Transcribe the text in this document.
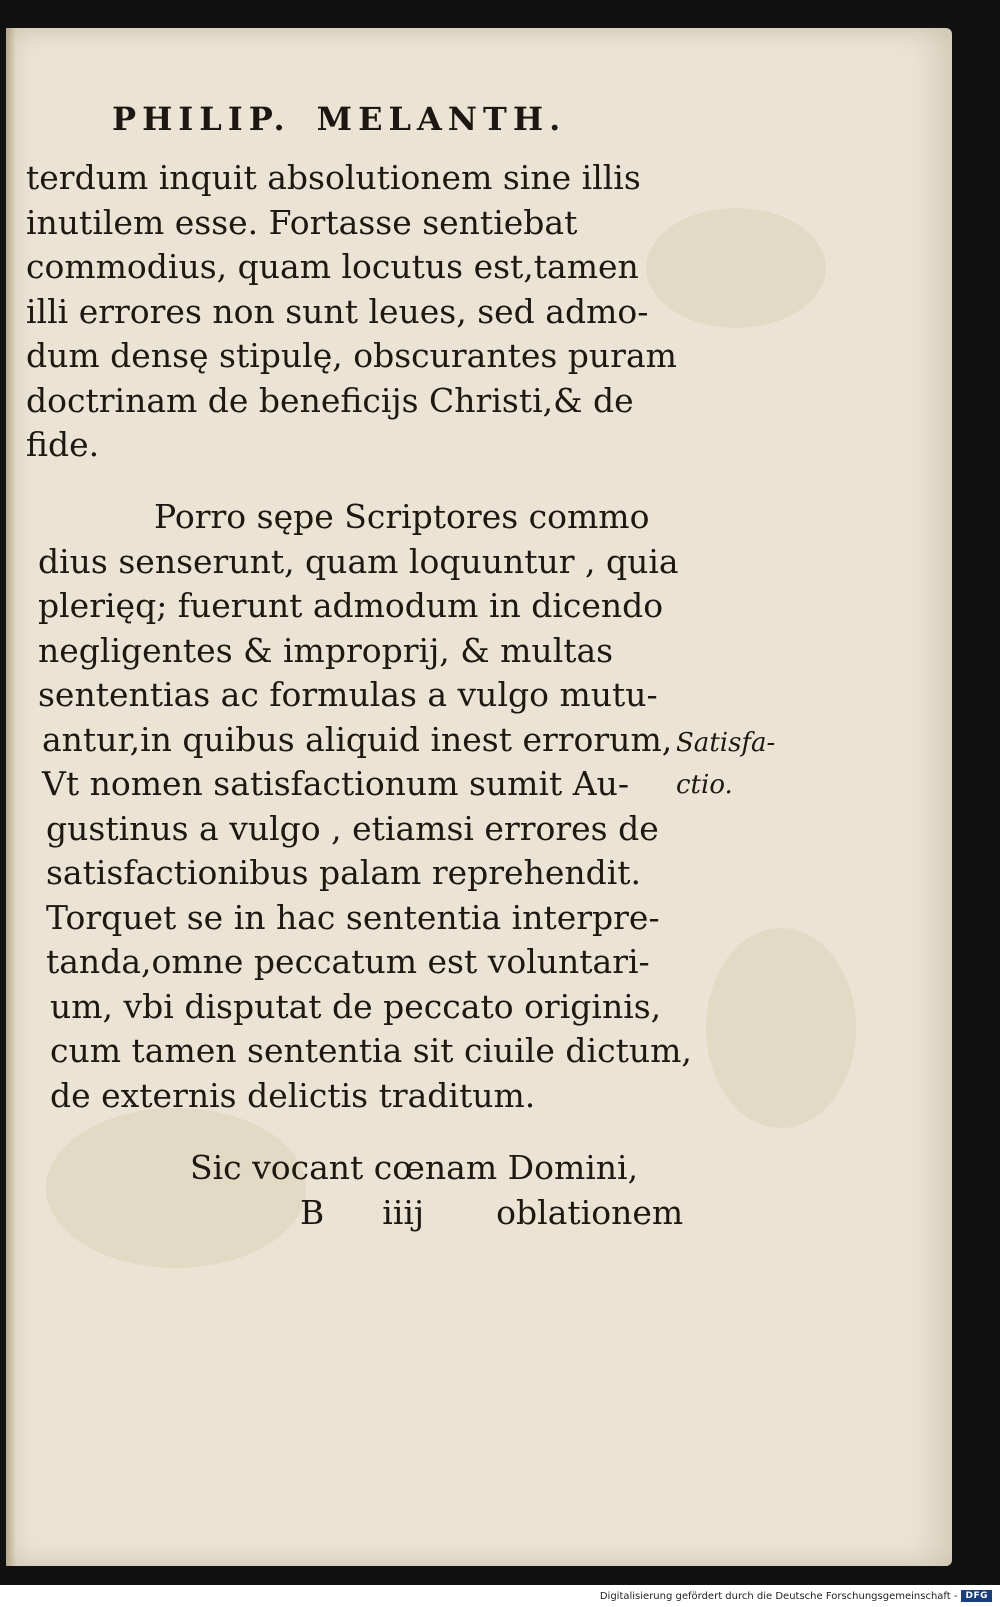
PHILIP. MELANTH.
terdum inquit absolutionem sine illis
inutilem esse. Fortasse sentiebat
commodius, quam locutus est,tamen
illi errores non sunt leues, sed admo-
dum densę stipulę, obscurantes puram
doctrinam de beneficijs Christi,& de
fide.
Porro sępe Scriptores commo
dius senserunt, quam loquuntur , quia
plerięq; fuerunt admodum in dicendo
negligentes & improprij, & multas
sententias ac formulas a vulgo mutu-
antur,in quibus aliquid inest errorum,
Vt nomen satisfactionum sumit Au-
gustinus a vulgo , etiamsi errores de
satisfactionibus palam reprehendit.
Torquet se in hac sententia interpre-
tanda,omne peccatum est voluntari-
um, vbi disputat de peccato originis,
cum tamen sententia sit ciuile dictum,
de externis delictis traditum.
Sic vocant cœnam Domini,
B	iiij	oblationem
Satisfa-
ctio.
Digitalisierung gefördert durch die Deutsche Forschungsgemeinschaft - DFG
